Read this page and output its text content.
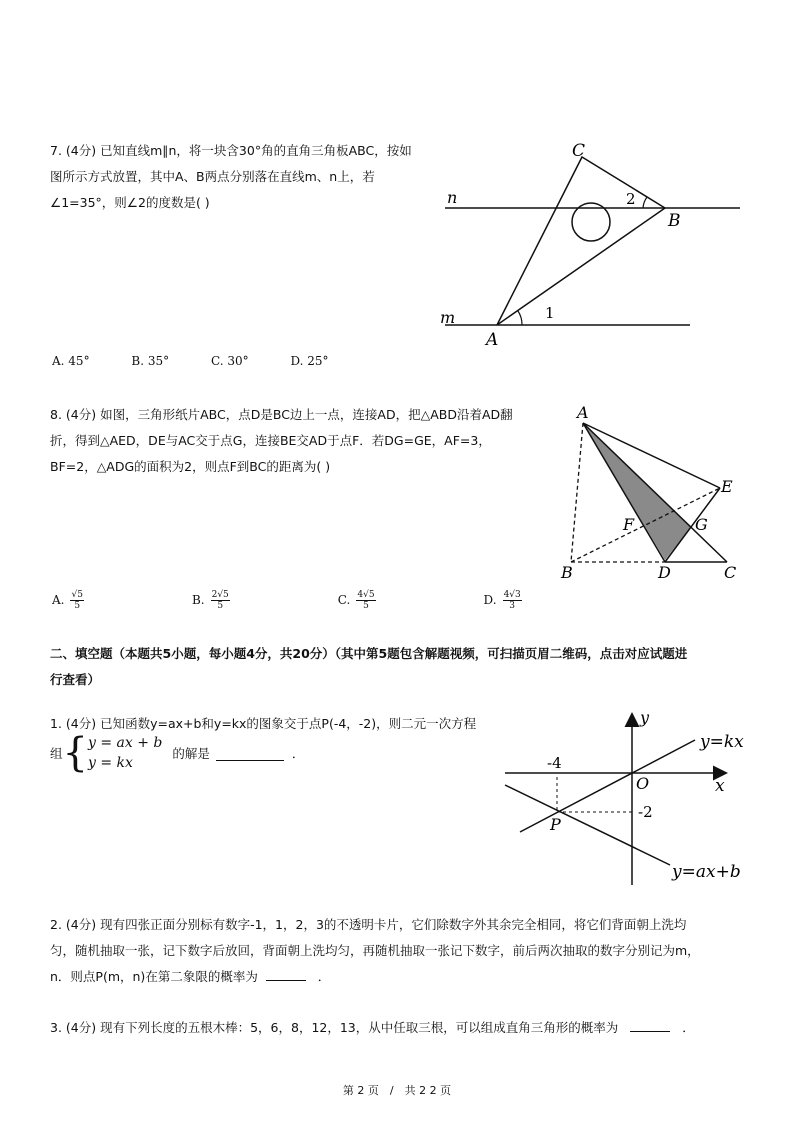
7. (4分) 已知直线m∥n，将一块含30°角的直角三角板ABC，按如
图所示方式放置，其中A、B两点分别落在直线m、n上，若
∠1=35°，则∠2的度数是( )
C
n	2
B
m	1
A
A. 45°	B. 35°	C. 30°	D. 25°
8. (4分) 如图，三角形纸片ABC，点D是BC边上一点，连接AD，把△ABD沿着AD翻
折，得到△AED，DE与AC交于点G，连接BE交AD于点F．若DG=GE，AF=3，
BF=2，△ADG的面积为2，则点F到BC的距离为( )
A
E
F	G
B	D	C
A. $\frac{√5}{5}$	B. $\frac{2√5}{5}$	C. $\frac{4√5}{5}$	D. $\frac{4√3}{3}$
二、填空题（本题共5小题，每小题4分，共20分）（其中第5题包含解题视频，可扫描页眉二维码，点击对应试题进
行查看）
1. (4分) 已知函数y=ax+b和y=kx的图象交于点P(-4，-2)，则二元一次方程
组 { y = ax + b
y = kx
的解是	．
y
y=kx
-4
O	x
-2
P
y=ax+b
2. (4分) 现有四张正面分别标有数字-1，1，2，3的不透明卡片，它们除数字外其余完全相同，将它们背面朝上洗均
匀，随机抽取一张，记下数字后放回，背面朝上洗均匀，再随机抽取一张记下数字，前后两次抽取的数字分别记为m，
n．则点P(m，n)在第二象限的概率为	．
3. (4分) 现有下列长度的五根木棒：5，6，8，12，13，从中任取三根，可以组成直角三角形的概率为	．
第 2 页　/　共 2 2 页
